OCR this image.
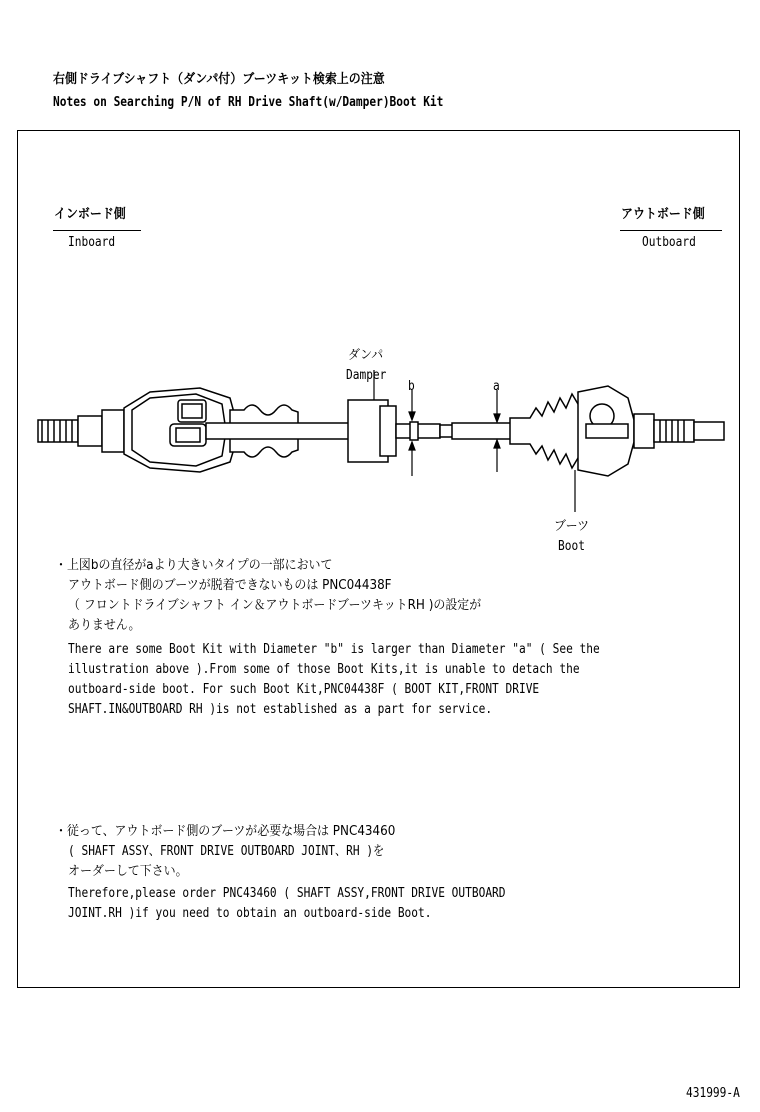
右側ドライブシャフト（ダンパ付）ブーツキット検索上の注意
Notes on Searching P/N of RH Drive Shaft(w/Damper)Boot Kit
インボード側
Inboard
アウトボード側
Outboard
ダンパ
Damper
b	a
ブーツ
Boot
・上図bの直径がaより大きいタイプの一部において
アウトボード側のブーツが脱着できないものは PNC04438F
（ フロントドライブシャフト イン＆アウトボードブーツキットRH )の設定が
ありません。
There are some Boot Kit with Diameter "b" is larger than Diameter "a" ( See the
illustration above ).From some of those Boot Kits,it is unable to detach the
outboard-side boot. For such Boot Kit,PNC04438F ( BOOT KIT,FRONT DRIVE
SHAFT.IN&OUTBOARD RH )is not established as a part for service.
・従って、アウトボード側のブーツが必要な場合は PNC43460
( SHAFT ASSY、FRONT DRIVE OUTBOARD JOINT、RH )を
オーダーして下さい。
Therefore,please order PNC43460 ( SHAFT ASSY,FRONT DRIVE OUTBOARD
JOINT.RH )if you need to obtain an outboard-side Boot.
431999-A
